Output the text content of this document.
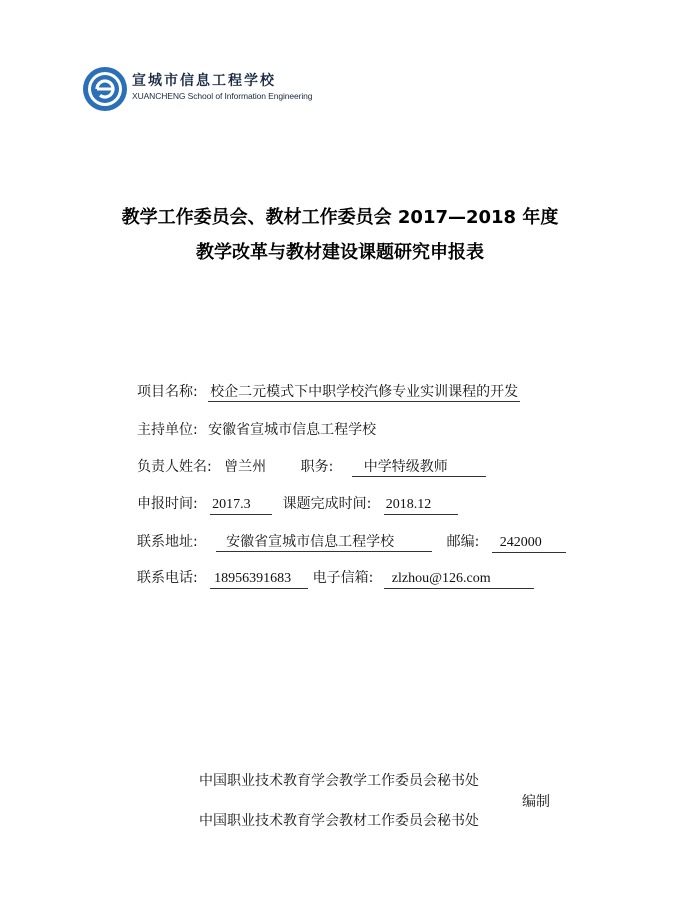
宣城市信息工程学校
XUANCHENG School of Information Engineering
教学工作委员会、教材工作委员会 2017—2018 年度
教学改革与教材建设课题研究申报表
项目名称: 校企二元模式下中职学校汽修专业实训课程的开发
主持单位: 安徽省宣城市信息工程学校
负责人姓名: 曾兰州 职务: 中学特级教师
申报时间: 2017.3 课题完成时间: 2018.12
联系地址: 安徽省宣城市信息工程学校	邮编: 242000
联系电话: 18956391683 电子信箱: zlzhou@126.com
中国职业技术教育学会教学工作委员会秘书处
编制
中国职业技术教育学会教材工作委员会秘书处
